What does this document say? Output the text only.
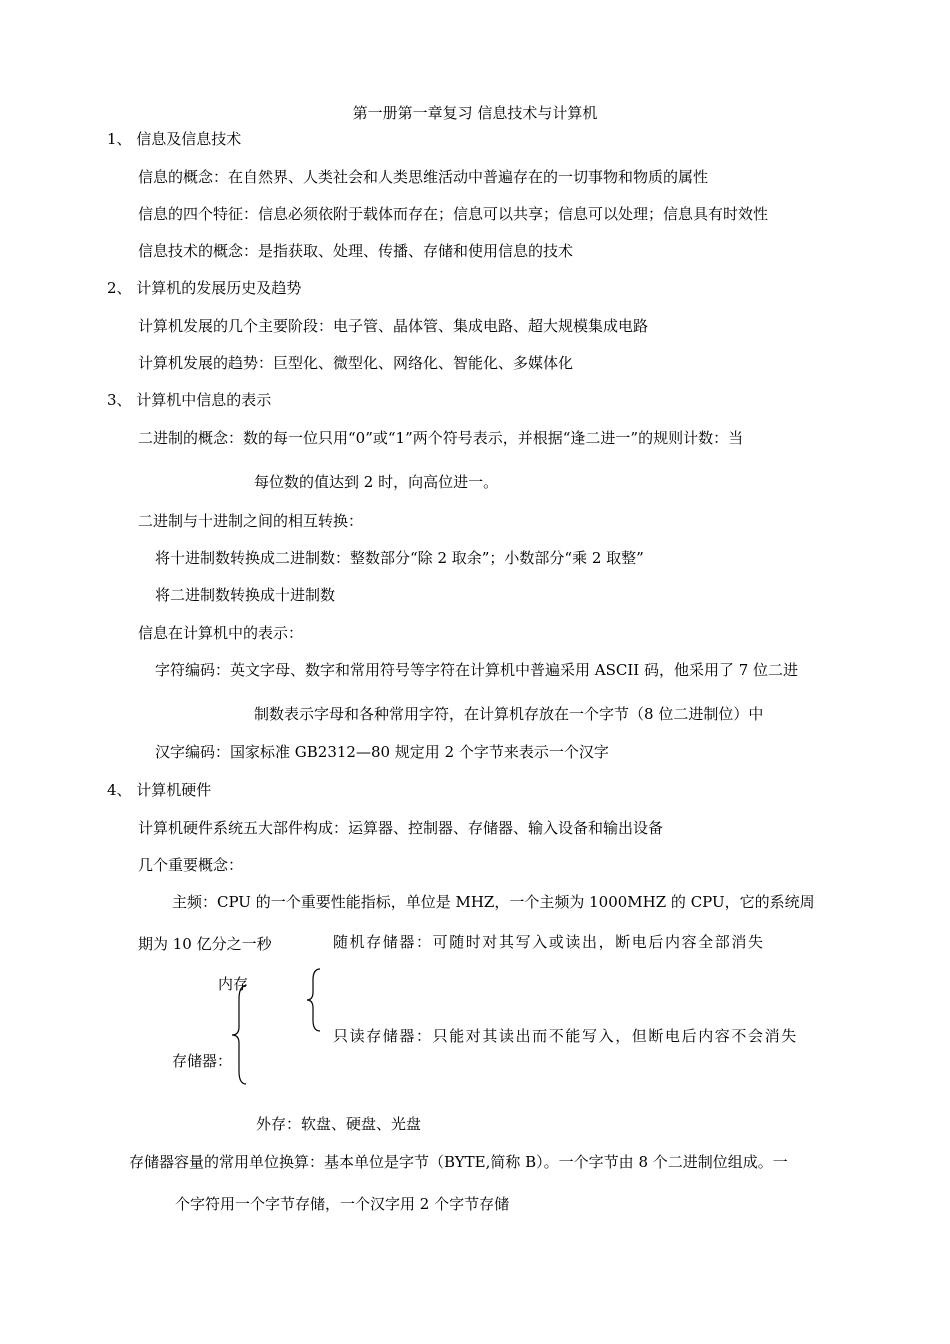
第一册第一章复习 信息技术与计算机
1、 信息及信息技术
信息的概念：在自然界、人类社会和人类思维活动中普遍存在的一切事物和物质的属性
信息的四个特征：信息必须依附于载体而存在；信息可以共享；信息可以处理；信息具有时效性
信息技术的概念：是指获取、处理、传播、存储和使用信息的技术
2、 计算机的发展历史及趋势
计算机发展的几个主要阶段：电子管、晶体管、集成电路、超大规模集成电路
计算机发展的趋势：巨型化、微型化、网络化、智能化、多媒体化
3、 计算机中信息的表示
二进制的概念：数的每一位只用“0”或“1”两个符号表示，并根据“逢二进一”的规则计数：当
每位数的值达到 2 时，向高位进一。
二进制与十进制之间的相互转换：
将十进制数转换成二进制数：整数部分“除 2 取余”；小数部分“乘 2 取整”
将二进制数转换成十进制数
信息在计算机中的表示：
字符编码：英文字母、数字和常用符号等字符在计算机中普遍采用 ASCII 码，他采用了 7 位二进
制数表示字母和各种常用字符，在计算机存放在一个字节（8 位二进制位）中
汉字编码：国家标准 GB2312—80 规定用 2 个字节来表示一个汉字
4、 计算机硬件
计算机硬件系统五大部件构成：运算器、控制器、存储器、输入设备和输出设备
几个重要概念：
主频：CPU 的一个重要性能指标，单位是 MHZ，一个主频为 1000MHZ 的 CPU，它的系统周
期为 10 亿分之一秒	随机存储器：可随时对其写入或读出，断电后内容全部消失
内存
只读存储器：只能对其读出而不能写入，但断电后内容不会消失
存储器：
外存：软盘、硬盘、光盘
存储器容量的常用单位换算：基本单位是字节（BYTE,简称 B）。一个字节由 8 个二进制位组成。一
个字符用一个字节存储，一个汉字用 2 个字节存储
